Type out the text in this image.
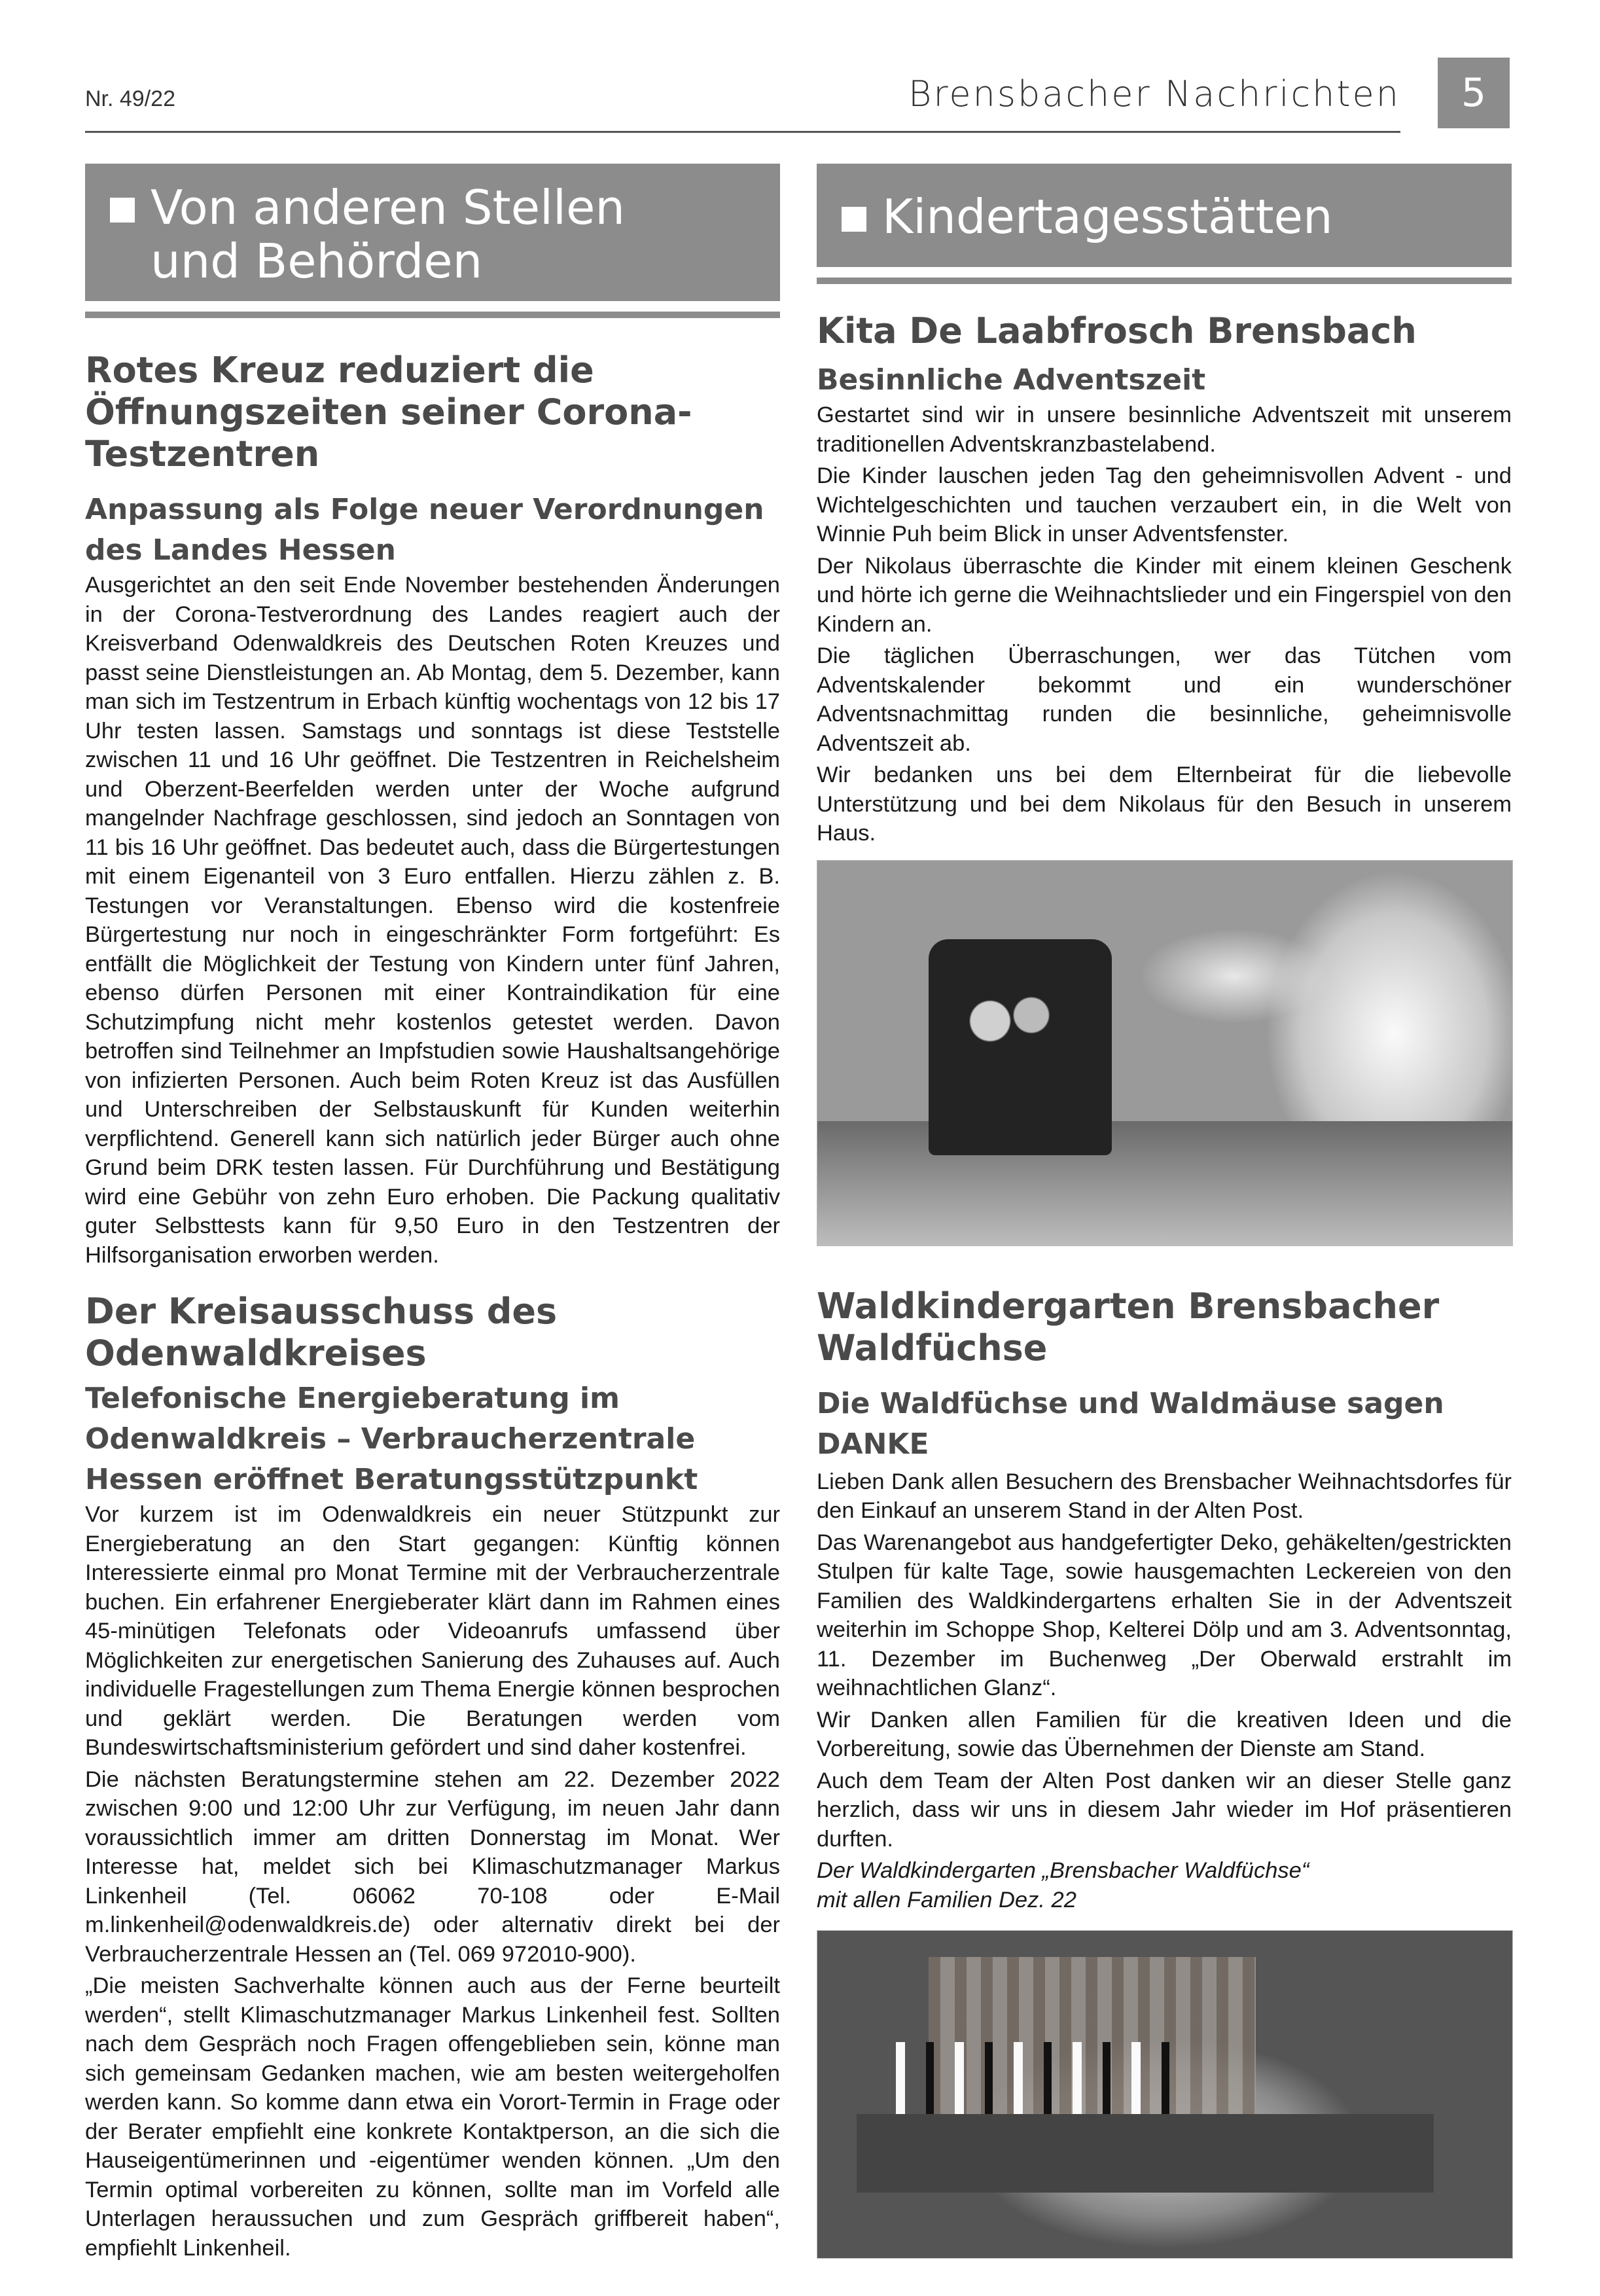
Nr. 49/22	Brensbacher Nachrichten	5
Von anderen Stellen
und Behörden
Rotes Kreuz reduziert die Öffnungszeiten seiner Corona-Testzentren
Anpassung als Folge neuer Verordnungen des Landes Hessen

Ausgerichtet an den seit Ende November bestehenden Änderungen in der Corona-Testverordnung des Landes reagiert auch der Kreisverband Odenwaldkreis des Deutschen Roten Kreuzes und passt seine Dienstleistungen an. Ab Montag, dem 5. Dezember, kann man sich im Testzentrum in Erbach künftig wochentags von 12 bis 17 Uhr testen lassen. Samstags und sonntags ist diese Teststelle zwischen 11 und 16 Uhr geöffnet. Die Testzentren in Reichelsheim und Oberzent-Beerfelden werden unter der Woche aufgrund mangelnder Nachfrage geschlossen, sind jedoch an Sonntagen von 11 bis 16 Uhr geöffnet. Das bedeutet auch, dass die Bürgertestungen mit einem Eigenanteil von 3 Euro entfallen. Hierzu zählen z. B. Testungen vor Veranstaltungen. Ebenso wird die kostenfreie Bürgertestung nur noch in eingeschränkter Form fortgeführt: Es entfällt die Möglichkeit der Testung von Kindern unter fünf Jahren, ebenso dürfen Personen mit einer Kontraindikation für eine Schutzimpfung nicht mehr kostenlos getestet werden. Davon betroffen sind Teilnehmer an Impfstudien sowie Haushaltsangehörige von infizierten Personen. Auch beim Roten Kreuz ist das Ausfüllen und Unterschreiben der Selbstauskunft für Kunden weiterhin verpflichtend. Generell kann sich natürlich jeder Bürger auch ohne Grund beim DRK testen lassen. Für Durchführung und Bestätigung wird eine Gebühr von zehn Euro erhoben. Die Packung qualitativ guter Selbsttests kann für 9,50 Euro in den Testzentren der Hilfsorganisation erworben werden.

Der Kreisausschuss des Odenwaldkreises
Telefonische Energieberatung im Odenwaldkreis – Verbraucherzentrale Hessen eröffnet Beratungsstützpunkt

Vor kurzem ist im Odenwaldkreis ein neuer Stützpunkt zur Energieberatung an den Start gegangen: Künftig können Interessierte einmal pro Monat Termine mit der Verbraucherzentrale buchen. Ein erfahrener Energieberater klärt dann im Rahmen eines 45-minütigen Telefonats oder Videoanrufs umfassend über Möglichkeiten zur energetischen Sanierung des Zuhauses auf. Auch individuelle Fragestellungen zum Thema Energie können besprochen und geklärt werden. Die Beratungen werden vom Bundeswirtschaftsministerium gefördert und sind daher kostenfrei.

Die nächsten Beratungstermine stehen am 22. Dezember 2022 zwischen 9:00 und 12:00 Uhr zur Verfügung, im neuen Jahr dann voraussichtlich immer am dritten Donnerstag im Monat. Wer Interesse hat, meldet sich bei Klimaschutzmanager Markus Linkenheil (Tel. 06062 70-108 oder E-Mail m.linkenheil@odenwaldkreis.de) oder alternativ direkt bei der Verbraucherzentrale Hessen an (Tel. 069 972010-900).

„Die meisten Sachverhalte können auch aus der Ferne beurteilt werden“, stellt Klimaschutzmanager Markus Linkenheil fest. Sollten nach dem Gespräch noch Fragen offengeblieben sein, könne man sich gemeinsam Gedanken machen, wie am besten weitergeholfen werden kann. So komme dann etwa ein Vorort-Termin in Frage oder der Berater empfiehlt eine konkrete Kontaktperson, an die sich die Hauseigentümerinnen und -eigentümer wenden können. „Um den Termin optimal vorbereiten zu können, sollte man im Vorfeld alle Unterlagen heraussuchen und zum Gespräch griffbereit haben“, empfiehlt Linkenheil.

Kindertagesstätten
Kita De Laabfrosch Brensbach
Besinnliche Adventszeit

Gestartet sind wir in unsere besinnliche Adventszeit mit unserem traditionellen Adventskranzbastelabend.

Die Kinder lauschen jeden Tag den geheimnisvollen Advent - und Wichtelgeschichten und tauchen verzaubert ein, in die Welt von Winnie Puh beim Blick in unser Adventsfenster.

Der Nikolaus überraschte die Kinder mit einem kleinen Geschenk und hörte ich gerne die Weihnachtslieder und ein Fingerspiel von den Kindern an.

Die täglichen Überraschungen, wer das Tütchen vom Adventskalender bekommt und ein wunderschöner Adventsnachmittag runden die besinnliche, geheimnisvolle Adventszeit ab.

Wir bedanken uns bei dem Elternbeirat für die liebevolle Unterstützung und bei dem Nikolaus für den Besuch in unserem Haus.

Waldkindergarten Brensbacher Waldfüchse
Die Waldfüchse und Waldmäuse sagen DANKE

Lieben Dank allen Besuchern des Brensbacher Weihnachtsdorfes für den Einkauf an unserem Stand in der Alten Post.

Das Warenangebot aus handgefertigter Deko, gehäkelten/gestrickten Stulpen für kalte Tage, sowie hausgemachten Leckereien von den Familien des Waldkindergartens erhalten Sie in der Adventszeit weiterhin im Schoppe Shop, Kelterei Dölp und am 3. Adventsonntag, 11. Dezember im Buchenweg „Der Oberwald erstrahlt im weihnachtlichen Glanz“.

Wir Danken allen Familien für die kreativen Ideen und die Vorbereitung, sowie das Übernehmen der Dienste am Stand.

Auch dem Team der Alten Post danken wir an dieser Stelle ganz herzlich, dass wir uns in diesem Jahr wieder im Hof präsentieren durften.

Der Waldkindergarten „Brensbacher Waldfüchse“

mit allen Familien Dez. 22
